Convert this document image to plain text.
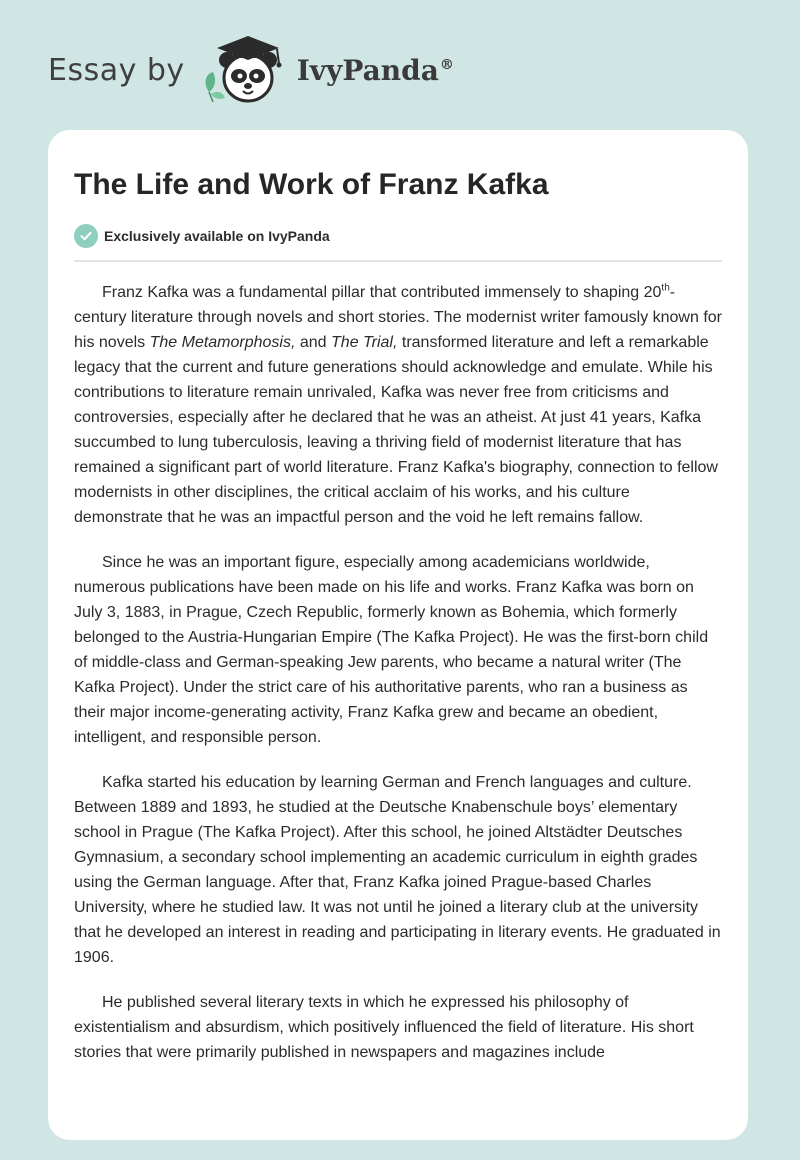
Essay by	IvyPanda®
The Life and Work of Franz Kafka
Exclusively available on IvyPanda

Franz Kafka was a fundamental pillar that contributed immensely to shaping 20th-century literature through novels and short stories. The modernist writer famously known for his novels The Metamorphosis, and The Trial, transformed literature and left a remarkable legacy that the current and future generations should acknowledge and emulate. While his contributions to literature remain unrivaled, Kafka was never free from criticisms and controversies, especially after he declared that he was an atheist. At just 41 years, Kafka succumbed to lung tuberculosis, leaving a thriving field of modernist literature that has remained a significant part of world literature. Franz Kafka's biography, connection to fellow modernists in other disciplines, the critical acclaim of his works, and his culture demonstrate that he was an impactful person and the void he left remains fallow.

Since he was an important figure, especially among academicians worldwide, numerous publications have been made on his life and works. Franz Kafka was born on July 3, 1883, in Prague, Czech Republic, formerly known as Bohemia, which formerly belonged to the Austria-Hungarian Empire (The Kafka Project). He was the first-born child of middle-class and German-speaking Jew parents, who became a natural writer (The Kafka Project). Under the strict care of his authoritative parents, who ran a business as their major income-generating activity, Franz Kafka grew and became an obedient, intelligent, and responsible person.

Kafka started his education by learning German and French languages and culture. Between 1889 and 1893, he studied at the Deutsche Knabenschule boys’ elementary school in Prague (The Kafka Project). After this school, he joined Altstädter Deutsches Gymnasium, a secondary school implementing an academic curriculum in eighth grades using the German language. After that, Franz Kafka joined Prague-based Charles University, where he studied law. It was not until he joined a literary club at the university that he developed an interest in reading and participating in literary events. He graduated in 1906.

He published several literary texts in which he expressed his philosophy of existentialism and absurdism, which positively influenced the field of literature. His short stories that were primarily published in newspapers and magazines include
